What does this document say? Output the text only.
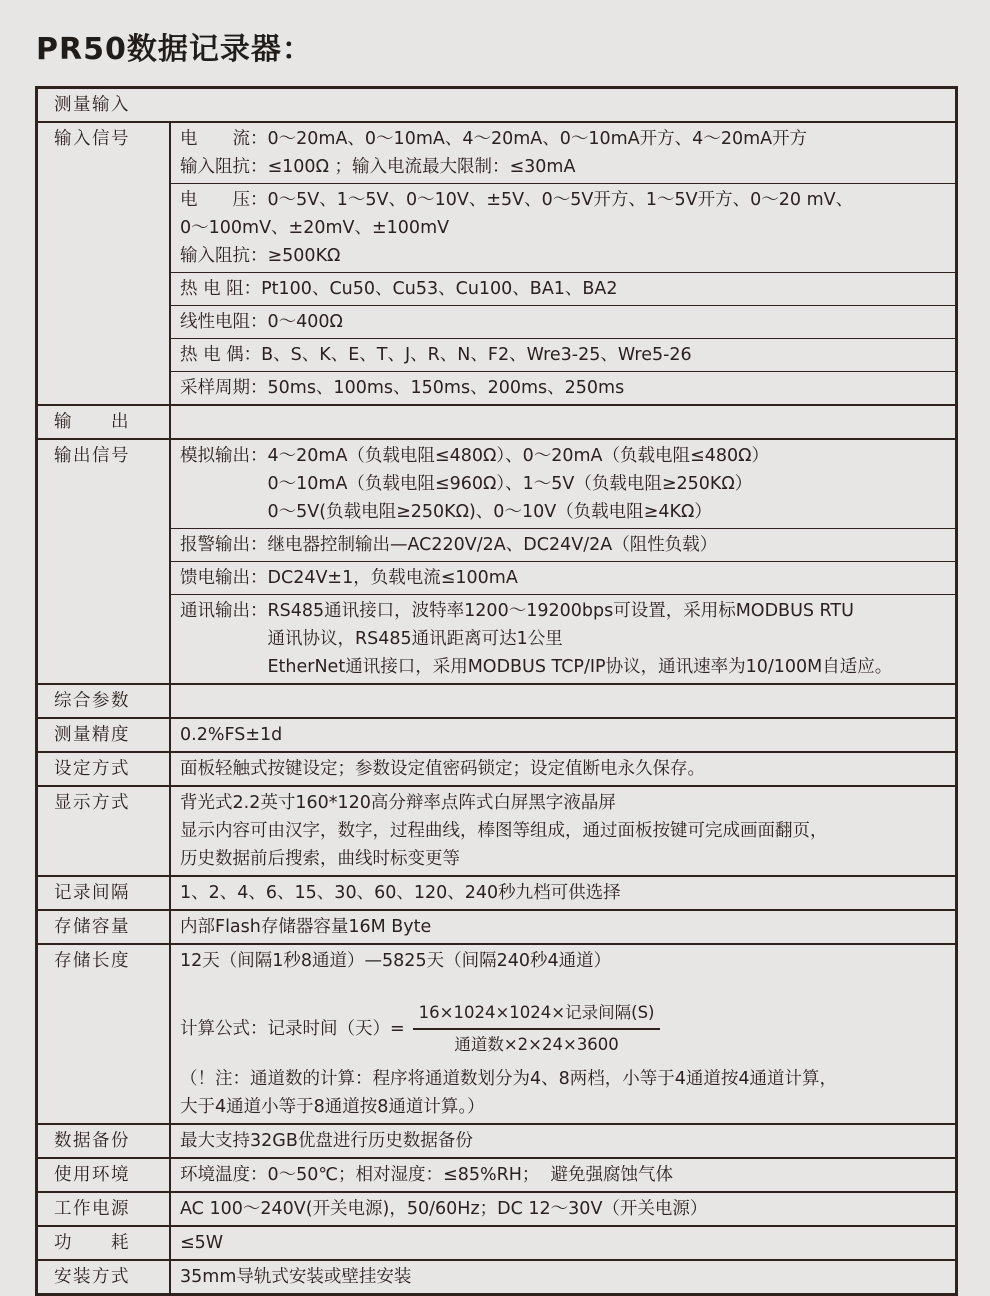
PR50数据记录器：
测量输入
输入信号	电　　流：0～20mA、0～10mA、4～20mA、0～10mA开方、4～20mA开方
输入阻抗：≤100Ω ；输入电流最大限制：≤30mA
电　　压：0～5V、1～5V、0～10V、±5V、0～5V开方、1～5V开方、0～20 mV、
0～100mV、±20mV、±100mV
输入阻抗：≥500KΩ
热 电 阻：Pt100、Cu50、Cu53、Cu100、BA1、BA2
线性电阻：0～400Ω
热 电 偶：B、S、K、E、T、J、R、N、F2、Wre3-25、Wre5-26
采样周期：50ms、100ms、150ms、200ms、250ms
输　　出
输出信号	模拟输出：4～20mA（负载电阻≤480Ω）、0～20mA（负载电阻≤480Ω）
　　　　　0～10mA（负载电阻≤960Ω）、1～5V（负载电阻≥250KΩ）
　　　　　0～5V(负载电阻≥250KΩ)、0～10V（负载电阻≥4KΩ）
报警输出：继电器控制输出—AC220V/2A、DC24V/2A（阻性负载）
馈电输出：DC24V±1，负载电流≤100mA
通讯输出：RS485通讯接口，波特率1200～19200bps可设置，采用标MODBUS RTU
　　　　　通讯协议，RS485通讯距离可达1公里
　　　　　EtherNet通讯接口，采用MODBUS TCP/IP协议，通讯速率为10/100M自适应。
综合参数
测量精度	0.2%FS±1d
设定方式	面板轻触式按键设定；参数设定值密码锁定；设定值断电永久保存。
显示方式	背光式2.2英寸160*120高分辩率点阵式白屏黑字液晶屏
显示内容可由汉字，数字，过程曲线，棒图等组成，通过面板按键可完成画面翻页，
历史数据前后搜索，曲线时标变更等
记录间隔	1、2、4、6、15、30、60、120、240秒九档可供选择
存储容量	内部Flash存储器容量16M Byte
存储长度	12天（间隔1秒8通道）—5825天（间隔240秒4通道）
计算公式：记录时间（天）= $\frac{\text{16×1024×1024×记录间隔(S)}}{\text{通道数×2×24×3600}}$
（！注：通道数的计算：程序将通道数划分为4、8两档，小等于4通道按4通道计算，
大于4通道小等于8通道按8通道计算。）
数据备份	最大支持32GB优盘进行历史数据备份
使用环境	环境温度：0～50℃；相对湿度：≤85%RH；  避免强腐蚀气体
工作电源	AC 100～240V(开关电源)，50/60Hz；DC 12～30V（开关电源）
功　　耗	≤5W
安装方式	35mm导轨式安装或壁挂安装
